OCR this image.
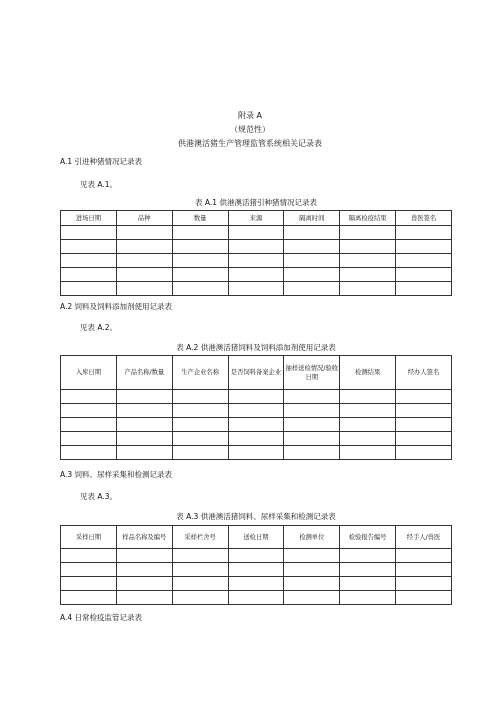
附录 A
（规范性）
供港澳活猪生产管理监管系统相关记录表
A.1 引进种猪情况记录表
见表 A.1。
表 A.1 供港澳活猪引种猪情况记录表
进场日期	品种	数量	来源	隔离时间	隔离检疫结果	兽医签名

A.2 饲料及饲料添加剂使用记录表
见表 A.2。
表 A.2 供港澳活猪饲料及饲料添加剂使用记录表
入库日期	产品名称/数量	生产企业名称	是否饲料备案企业	抽样送检情况/验收日期	检测结果	经办人签名

A.3 饲料、尿样采集和检测记录表
见表 A.3。
表 A.3 供港澳活猪饲料、尿样采集和检测记录表
采样日期	样品名称及编号	采样栏舍号	送检日期	检测单位	检验报告编号	经手人/兽医

A.4 日常检疫监管记录表
